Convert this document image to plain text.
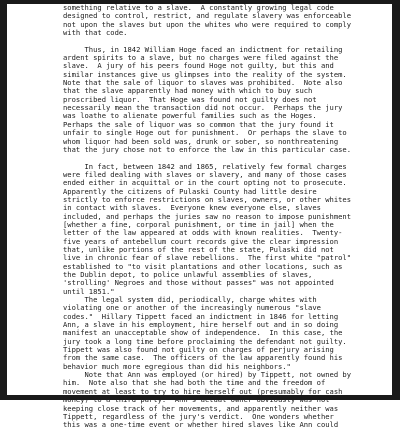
something relative to a slave.  A constantly growing legal code
designed to control, restrict, and regulate slavery was enforceable
not upon the slaves but upon the whites who were required to comply
with that code.
Thus, in 1842 William Hoge faced an indictment for retailing
ardent spirits to a slave, but no charges were filed against the
slave.  A jury of his peers found Hoge not guilty, but this and
similar instances give us glimpses into the reality of the system.
Note that the sale of liquor to slaves was prohibited.  Note also
that the slave apparently had money with which to buy such
proscribed liquor.  That Hoge was found not guilty does not
necessarily mean the transaction did not occur.  Perhaps the jury
was loathe to alienate powerful families such as the Hoges.
Perhaps the sale of liquor was so common that the jury found it
unfair to single Hoge out for punishment.  Or perhaps the slave to
whom liquor had been sold was, drunk or sober, so nonthreatening
that the jury chose not to enforce the law in this particular case.
In fact, between 1842 and 1865, relatively few formal charges
were filed dealing with slaves or slavery, and many of those cases
ended either in acquittal or in the court opting not to prosecute.
Apparently the citizens of Pulaski County had little desire
strictly to enforce restrictions on slaves, owners, or other whites
in contact with slaves.  Everyone knew everyone else, slaves
included, and perhaps the juries saw no reason to impose punishment
[whether a fine, corporal punishment, or time in jail] when the
letter of the law appeared at odds with known realities.  Twenty-
five years of antebellum court records give the clear impression
that, unlike portions of the rest of the state, Pulaski did not
live in chronic fear of slave rebellions.  The first white "patrol"
established to "to visit plantations and other locations, such as
the Dublin depot, to police unlawful assemblies of slaves,
'strolling' Negroes and those without passes" was not appointed
until 1851."
The legal system did, periodically, charge whites with
violating one or another of the increasingly numerous "slave
codes."  Hillary Tippett faced an indictment in 1846 for letting
Ann, a slave in his employment, hire herself out and in so doing
manifest an unacceptable show of independence.  In this case, the
jury took a long time before proclaiming the defendant not guilty.
Tippett was also found not guilty on charges of perjury arising
from the same case.  The officers of the law apparently found his
behavior much more egregious than did his neighbors."
Note that Ann was employed (or hired) by Tippett, not owned by
him.  Note also that she had both the time and the freedom of
movement at least to try to hire herself out (presumably for cash
money) to a third party.  Ann's actual owner obviously was not
keeping close track of her movements, and apparently neither was
Tippett, regardless of the jury's verdict.  One wonders whether
this was a one-time event or whether hired slaves like Ann could
